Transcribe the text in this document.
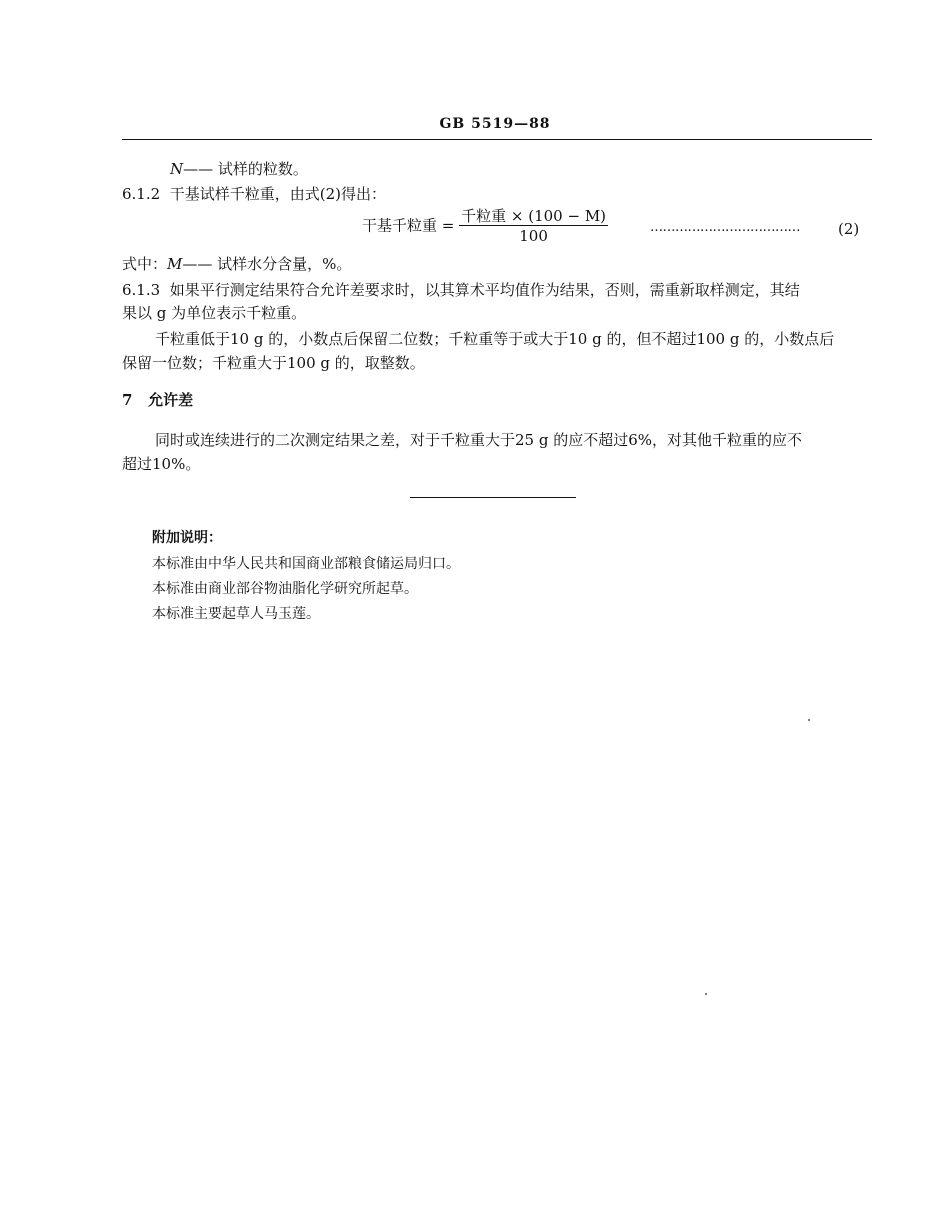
GB 5519—88
N—— 试样的粒数。
6.1.2 干基试样千粒重，由式(2)得出：
干基千粒重 = $\frac{\text{千粒重 × (100 − M)}}{100}$	………………………………	(2)
式中：M—— 试样水分含量，%。
6.1.3 如果平行测定结果符合允许差要求时，以其算术平均值作为结果，否则，需重新取样测定，其结
果以 g 为单位表示千粒重。
千粒重低于10 g 的，小数点后保留二位数；千粒重等于或大于10 g 的，但不超过100 g 的，小数点后
保留一位数；千粒重大于100 g 的，取整数。
7 允许差
同时或连续进行的二次测定结果之差，对于千粒重大于25 g 的应不超过6%，对其他千粒重的应不
超过10%。
附加说明：
本标准由中华人民共和国商业部粮食储运局归口。
本标准由商业部谷物油脂化学研究所起草。
本标准主要起草人马玉莲。
